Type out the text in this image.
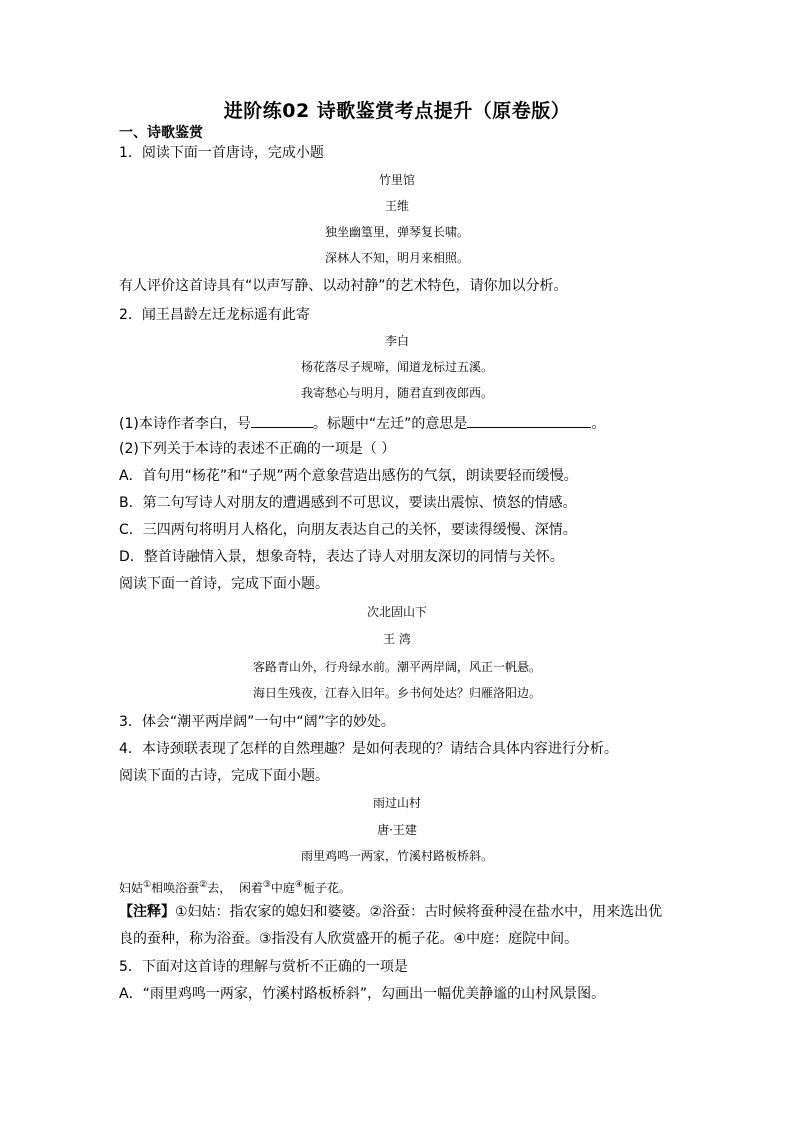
进阶练02 诗歌鉴赏考点提升（原卷版）
一、诗歌鉴赏
1．阅读下面一首唐诗，完成小题
竹里馆
王维
独坐幽篁里，弹琴复长啸。
深林人不知，明月来相照。
有人评价这首诗具有“以声写静、以动衬静”的艺术特色，请你加以分析。
2．闻王昌龄左迁龙标遥有此寄
李白
杨花落尽子规啼，闻道龙标过五溪。
我寄愁心与明月，随君直到夜郎西。
(1)本诗作者李白，号	。标题中“左迁”的意思是	。
(2)下列关于本诗的表述不正确的一项是（ ）
A．首句用“杨花”和“子规”两个意象营造出感伤的气氛，朗读要轻而缓慢。
B．第二句写诗人对朋友的遭遇感到不可思议，要读出震惊、愤怒的情感。
C．三四两句将明月人格化，向朋友表达自己的关怀，要读得缓慢、深情。
D．整首诗融情入景，想象奇特，表达了诗人对朋友深切的同情与关怀。
阅读下面一首诗，完成下面小题。
次北固山下
王 湾
客路青山外，行舟绿水前。潮平两岸阔，风正一帆悬。
海日生残夜，江春入旧年。乡书何处达？归雁洛阳边。
3．体会“潮平两岸阔”一句中“阔”字的妙处。
4．本诗颈联表现了怎样的自然理趣？是如何表现的？请结合具体内容进行分析。
阅读下面的古诗，完成下面小题。
雨过山村
唐·王建
雨里鸡鸣一两家，竹溪村路板桥斜。
妇姑①相唤浴蚕②去，  闲着③中庭④栀子花。
【注释】①妇姑：指农家的媳妇和婆婆。②浴蚕：古时候将蚕种浸在盐水中，用来选出优
良的蚕种，称为浴蚕。③指没有人欣赏盛开的栀子花。④中庭：庭院中间。
5．下面对这首诗的理解与赏析不正确的一项是
A．“雨里鸡鸣一两家，竹溪村路板桥斜”，勾画出一幅优美静谧的山村风景图。
